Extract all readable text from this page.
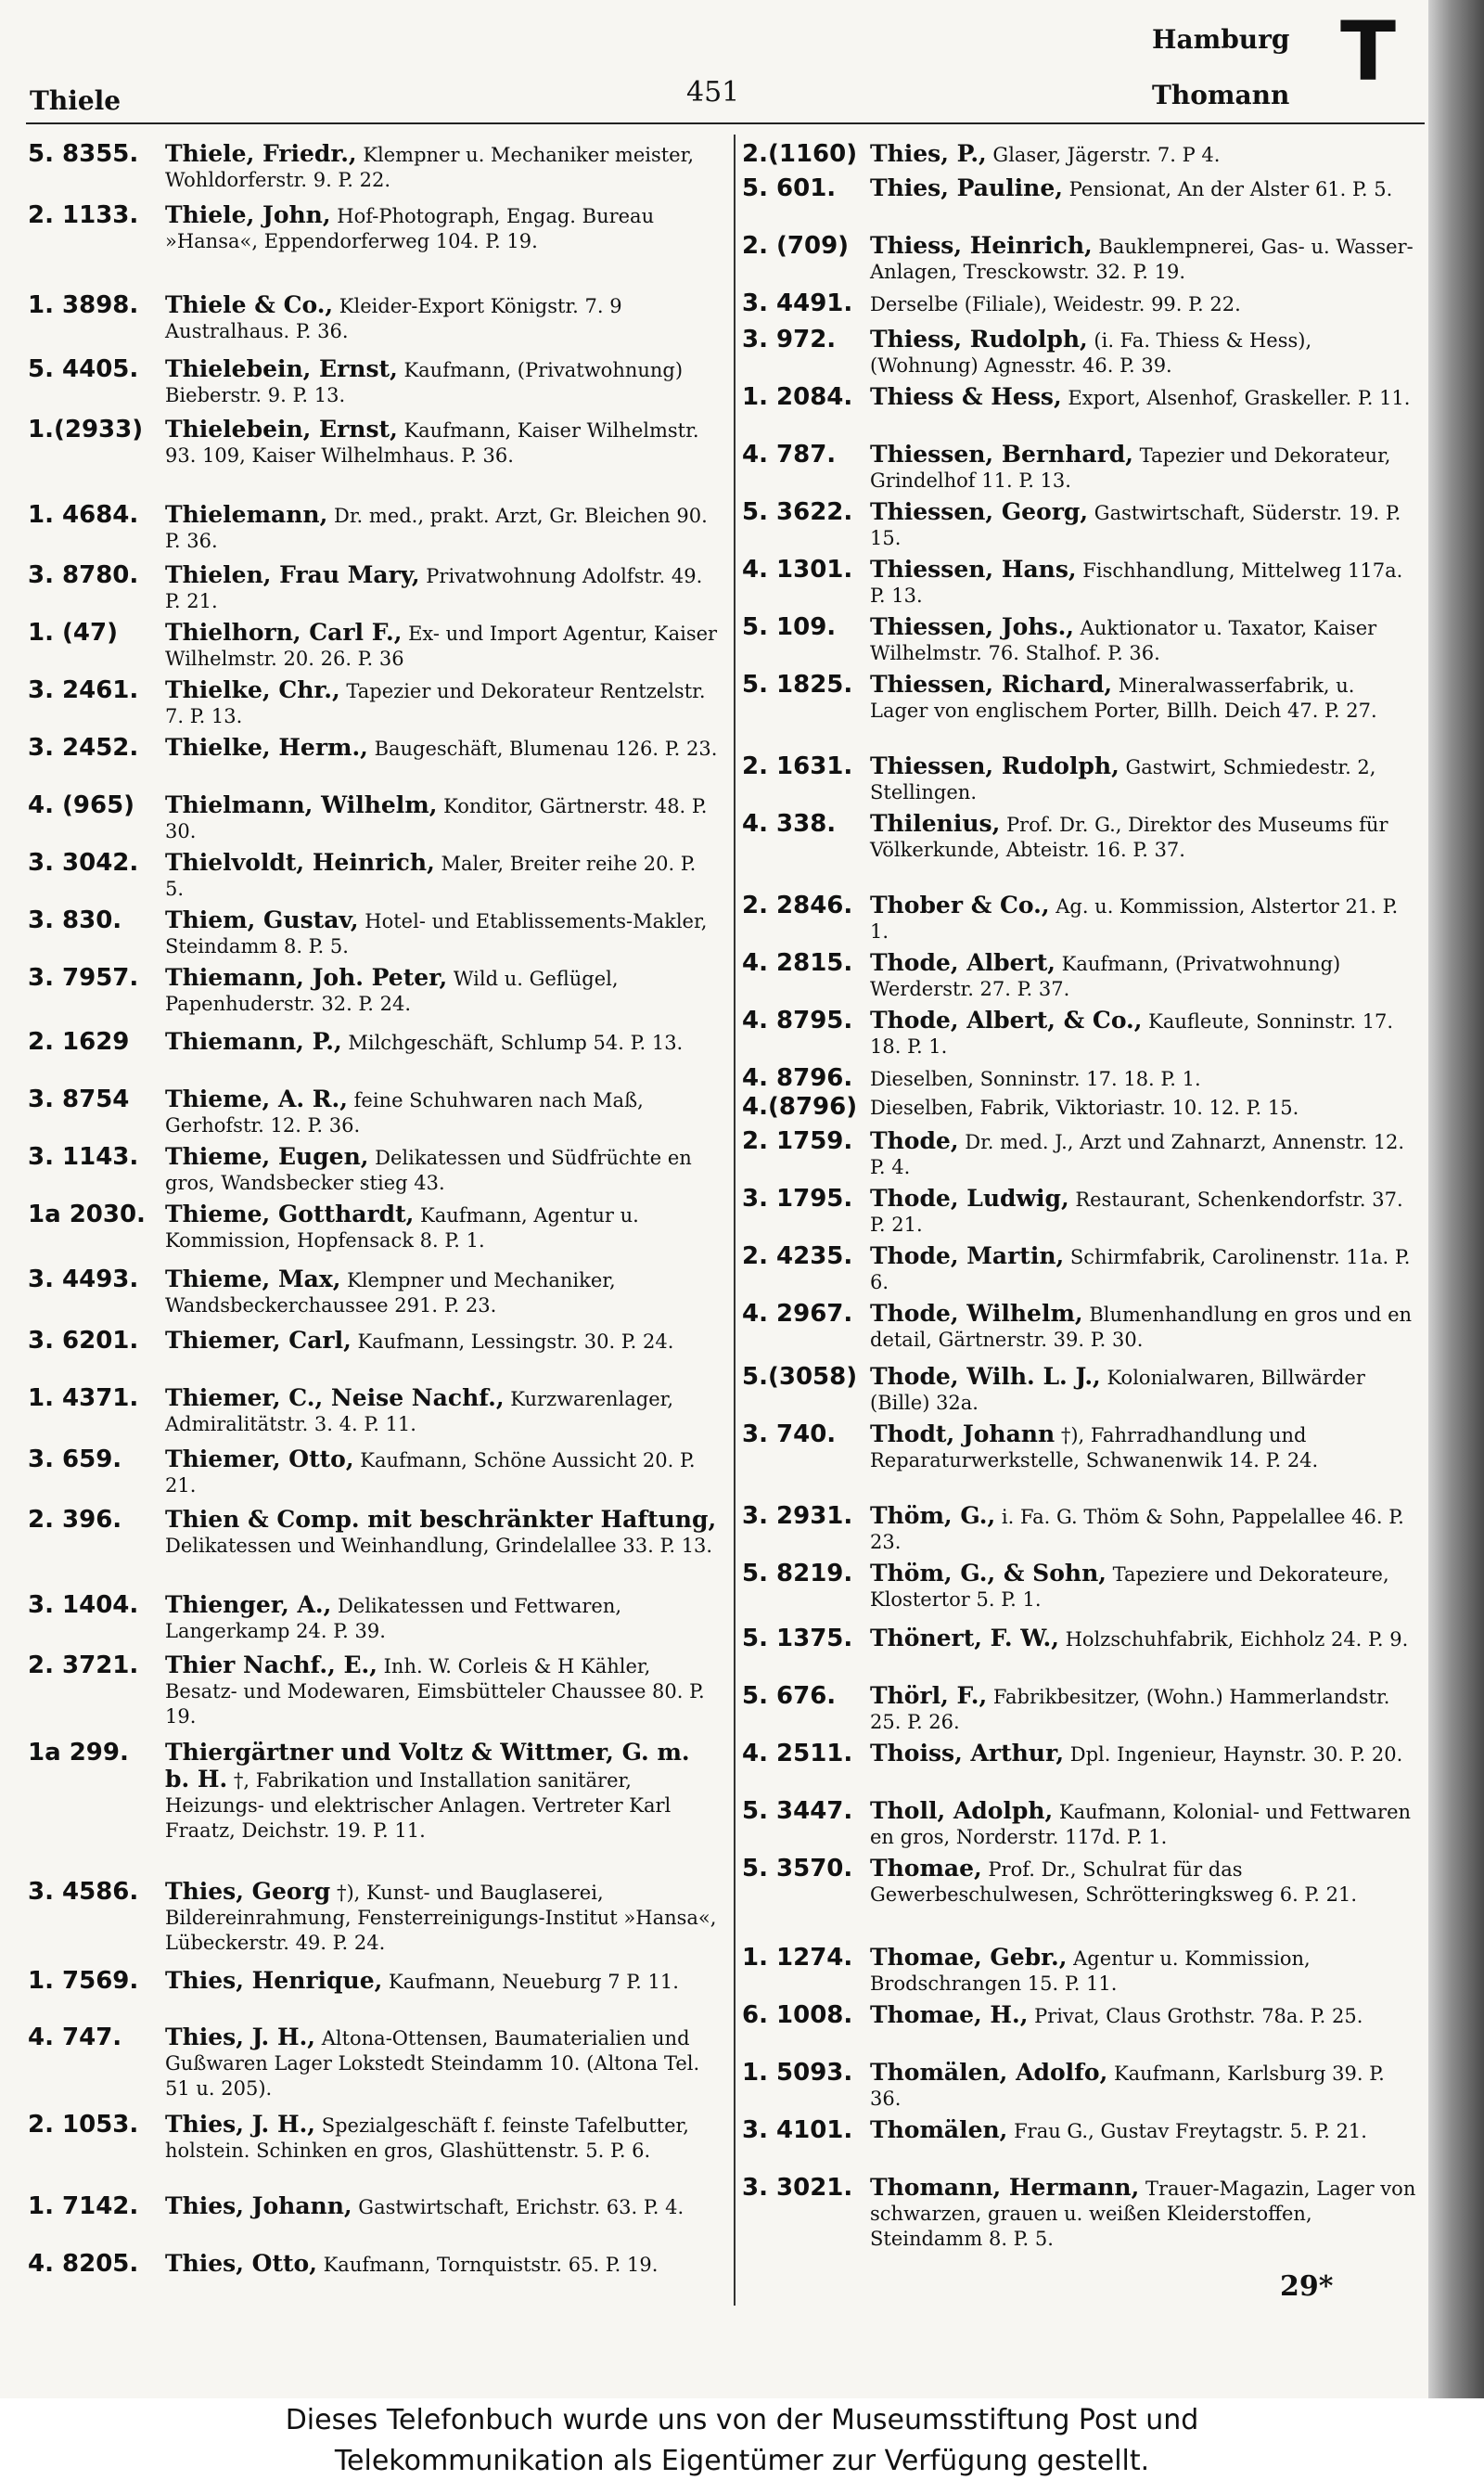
Thiele	451
Hamburg
Thomann T
5. 8355.	Thiele, Friedr., Klempner u. Mechaniker meister, Wohldorferstr. 9. P. 22.
2. 1133.	Thiele, John, Hof-Photograph, Engag. Bureau »Hansa«, Eppendorferweg 104. P. 19.
1. 3898.	Thiele & Co., Kleider-Export Königstr. 7. 9 Australhaus. P. 36.
5. 4405.	Thielebein, Ernst, Kaufmann, (Privatwohnung) Bieberstr. 9. P. 13.
1.(2933) Thielebein, Ernst, Kaufmann, Kaiser Wilhelmstr. 93. 109, Kaiser Wilhelmhaus. P. 36.
1. 4684.	Thielemann, Dr. med., prakt. Arzt, Gr. Bleichen 90. P. 36.
3. 8780.	Thielen, Frau Mary, Privatwohnung Adolfstr. 49. P. 21.
1. (47)	Thielhorn, Carl F., Ex- und Import Agentur, Kaiser Wilhelmstr. 20. 26. P. 36
3. 2461.	Thielke, Chr., Tapezier und Dekorateur Rentzelstr. 7. P. 13.
3. 2452.	Thielke, Herm., Baugeschäft, Blumenau 126. P. 23.
4. (965)	Thielmann, Wilhelm, Konditor, Gärtnerstr. 48. P. 30.
3. 3042.	Thielvoldt, Heinrich, Maler, Breiter reihe 20. P. 5.
3. 830.	Thiem, Gustav, Hotel- und Etablissements-Makler, Steindamm 8. P. 5.
3. 7957.	Thiemann, Joh. Peter, Wild u. Geflügel, Papenhuderstr. 32. P. 24.
2. 1629	Thiemann, P., Milchgeschäft, Schlump 54. P. 13.
3. 8754	Thieme, A. R., feine Schuhwaren nach Maß, Gerhofstr. 12. P. 36.
3. 1143.	Thieme, Eugen, Delikatessen und Südfrüchte en gros, Wandsbecker stieg 43.
1a 2030. Thieme, Gotthardt, Kaufmann, Agentur u. Kommission, Hopfensack 8. P. 1.
3. 4493.	Thieme, Max, Klempner und Mechaniker, Wandsbeckerchaussee 291. P. 23.
3. 6201.	Thiemer, Carl, Kaufmann, Lessingstr. 30. P. 24.
1. 4371.	Thiemer, C., Neise Nachf., Kurzwarenlager, Admiralitätstr. 3. 4. P. 11.
3. 659.	Thiemer, Otto, Kaufmann, Schöne Aussicht 20. P. 21.
2. 396.	Thien & Comp. mit beschränkter Haftung, Delikatessen und Weinhandlung, Grindelallee 33. P. 13.
3. 1404.	Thienger, A., Delikatessen und Fettwaren, Langerkamp 24. P. 39.
2. 3721.	Thier Nachf., E., Inh. W. Corleis & H Kähler, Besatz- und Modewaren, Eimsbütteler Chaussee 80. P. 19.
1a 299.	Thiergärtner und Voltz & Wittmer, G. m. b. H. †, Fabrikation und Installation sanitärer, Heizungs- und elektrischer Anlagen. Vertreter Karl Fraatz, Deichstr. 19. P. 11.
3. 4586.	Thies, Georg †), Kunst- und Bauglaserei, Bildereinrahmung, Fensterreinigungs-Institut »Hansa«, Lübeckerstr. 49. P. 24.
1. 7569.	Thies, Henrique, Kaufmann, Neueburg 7 P. 11.
4. 747.	Thies, J. H., Altona-Ottensen, Baumaterialien und Gußwaren Lager Lokstedt Steindamm 10. (Altona Tel. 51 u. 205).
2. 1053.	Thies, J. H., Spezialgeschäft f. feinste Tafelbutter, holstein. Schinken en gros, Glashüttenstr. 5. P. 6.
1. 7142.	Thies, Johann, Gastwirtschaft, Erichstr. 63. P. 4.
4. 8205.	Thies, Otto, Kaufmann, Tornquiststr. 65. P. 19.
2.(1160) Thies, P., Glaser, Jägerstr. 7. P 4.
5. 601.	Thies, Pauline, Pensionat, An der Alster 61. P. 5.
2. (709) Thiess, Heinrich, Bauklempnerei, Gas- u. Wasser-Anlagen, Tresckowstr. 32. P. 19.
3. 4491. Derselbe (Filiale), Weidestr. 99. P. 22.
3. 972.	Thiess, Rudolph, (i. Fa. Thiess & Hess), (Wohnung) Agnesstr. 46. P. 39.
1. 2084. Thiess & Hess, Export, Alsenhof, Graskeller. P. 11.
4. 787.	Thiessen, Bernhard, Tapezier und Dekorateur, Grindelhof 11. P. 13.
5. 3622. Thiessen, Georg, Gastwirtschaft, Süderstr. 19. P. 15.
4. 1301. Thiessen, Hans, Fischhandlung, Mittelweg 117a. P. 13.
5. 109.	Thiessen, Johs., Auktionator u. Taxator, Kaiser Wilhelmstr. 76. Stalhof. P. 36.
5. 1825. Thiessen, Richard, Mineralwasserfabrik, u. Lager von englischem Porter, Billh. Deich 47. P. 27.
2. 1631. Thiessen, Rudolph, Gastwirt, Schmiedestr. 2, Stellingen.
4. 338.	Thilenius, Prof. Dr. G., Direktor des Museums für Völkerkunde, Abteistr. 16. P. 37.
2. 2846. Thober & Co., Ag. u. Kommission, Alstertor 21. P. 1.
4. 2815. Thode, Albert, Kaufmann, (Privatwohnung) Werderstr. 27. P. 37.
4. 8795. Thode, Albert, & Co., Kaufleute, Sonninstr. 17. 18. P. 1.
4. 8796. Dieselben, Sonninstr. 17. 18. P. 1.
4.(8796) Dieselben, Fabrik, Viktoriastr. 10. 12. P. 15.
2. 1759. Thode, Dr. med. J., Arzt und Zahnarzt, Annenstr. 12. P. 4.
3. 1795. Thode, Ludwig, Restaurant, Schenkendorfstr. 37. P. 21.
2. 4235. Thode, Martin, Schirmfabrik, Carolinenstr. 11a. P. 6.
4. 2967. Thode, Wilhelm, Blumenhandlung en gros und en detail, Gärtnerstr. 39. P. 30.
5.(3058) Thode, Wilh. L. J., Kolonialwaren, Billwärder (Bille) 32a.
3. 740.	Thodt, Johann †), Fahrradhandlung und Reparaturwerkstelle, Schwanenwik 14. P. 24.
3. 2931. Thöm, G., i. Fa. G. Thöm & Sohn, Pappelallee 46. P. 23.
5. 8219. Thöm, G., & Sohn, Tapeziere und Dekorateure, Klostertor 5. P. 1.
5. 1375. Thönert, F. W., Holzschuhfabrik, Eichholz 24. P. 9.
5. 676.	Thörl, F., Fabrikbesitzer, (Wohn.) Hammerlandstr. 25. P. 26.
4. 2511. Thoiss, Arthur, Dpl. Ingenieur, Haynstr. 30. P. 20.
5. 3447. Tholl, Adolph, Kaufmann, Kolonial- und Fettwaren en gros, Norderstr. 117d. P. 1.
5. 3570. Thomae, Prof. Dr., Schulrat für das Gewerbeschulwesen, Schrötteringksweg 6. P. 21.
1. 1274. Thomae, Gebr., Agentur u. Kommission, Brodschrangen 15. P. 11.
6. 1008. Thomae, H., Privat, Claus Grothstr. 78a. P. 25.
1. 5093. Thomälen, Adolfo, Kaufmann, Karlsburg 39. P. 36.
3. 4101. Thomälen, Frau G., Gustav Freytagstr. 5. P. 21.
3. 3021. Thomann, Hermann, Trauer-Magazin, Lager von schwarzen, grauen u. weißen Kleiderstoffen, Steindamm 8. P. 5.
29*
Dieses Telefonbuch wurde uns von der Museumsstiftung Post und
Telekommunikation als Eigentümer zur Verfügung gestellt.
